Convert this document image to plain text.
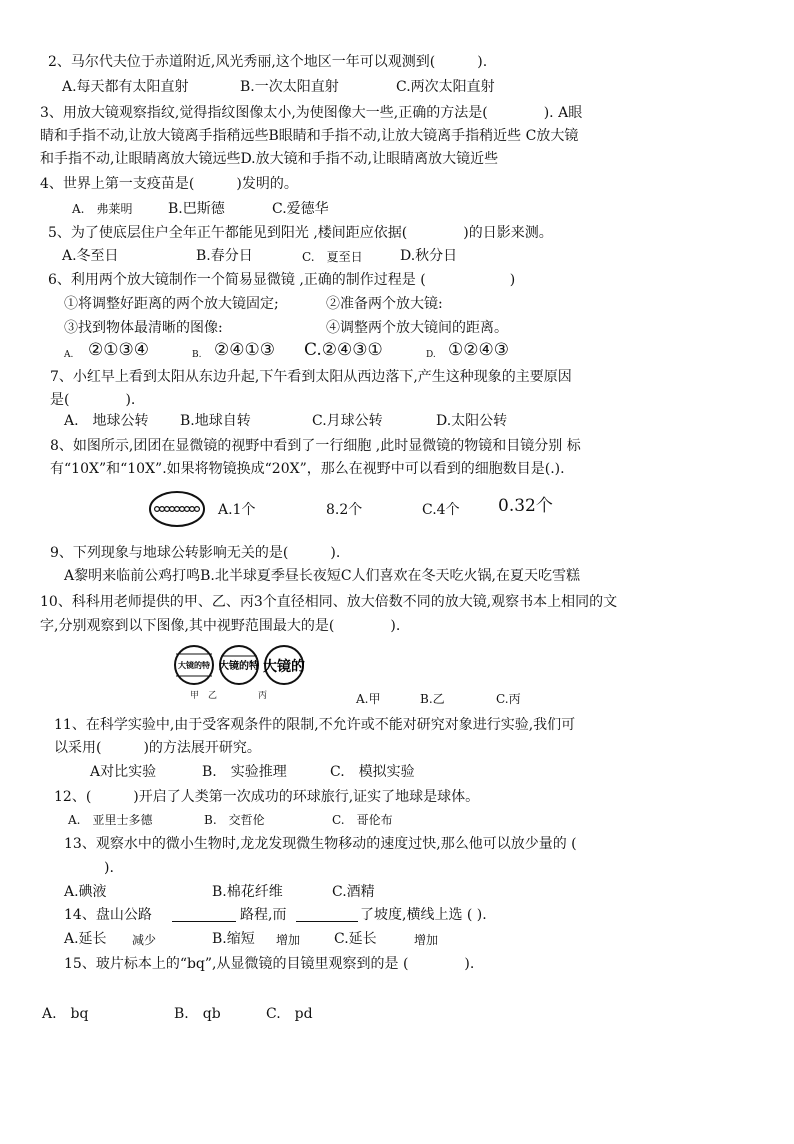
2、马尔代夫位于赤道附近,风光秀丽,这个地区一年可以观测到(　　　).
A.每天都有太阳直射	B.一次太阳直射	C.两次太阳直射
3、用放大镜观察指纹,觉得指纹图像太小,为使图像大一些,正确的方法是(　　　　). A眼
睛和手指不动,让放大镜离手指稍远些B眼睛和手指不动,让放大镜离手指稍近些 C放大镜
和手指不动,让眼睛离放大镜远些D.放大镜和手指不动,让眼睛离放大镜近些
4、世界上第一支疫苗是(　　　)发明的。
A.　弗莱明	B.巴斯德	C.爱德华
5、为了使底层住户全年正午都能见到阳光 ,楼间距应依据(　　　　)的日影来测。
A.冬至日	B.春分日	C.　夏至日	D.秋分日
6、利用两个放大镜制作一个简易显微镜 ,正确的制作过程是 (　　　　　　)
①将调整好距离的两个放大镜固定;	②准备两个放大镜:
③找到物体最清晰的图像:	④调整两个放大镜间的距离。
A. ②①③④	B. ②④①③ C.②④③①	D. ①②④③
7、小红早上看到太阳从东边升起,下午看到太阳从西边落下,产生这种现象的主要原因
是(　　　　).
A.　地球公转 B.地球自转	C.月球公转	D.太阳公转
8、如图所示,团团在显微镜的视野中看到了一行细胞 ,此时显微镜的物镜和目镜分别 标
有“10X”和“10X”.如果将物镜换成“20X”，那么在视野中可以看到的细胞数目是(.).
A.1个	8.2个	C.4个 0.32个
9、下列现象与地球公转影响无关的是(　　　).
A黎明来临前公鸡打鸣B.北半球夏季昼长夜短C人们喜欢在冬天吃火锅,在夏天吃雪糕
10、科科用老师提供的甲、乙、丙3个直径相同、放大倍数不同的放大镜,观察书本上相同的文
字,分别观察到以下图像,其中视野范围最大的是(　　　　).
大镜的特 大镜的特 大镜的
甲　乙	丙	A.甲	B.乙	C.丙
11、在科学实验中,由于受客观条件的限制,不允许或不能对研究对象进行实验,我们可
以采用(　　　)的方法展开研究。
A对比实验	B.　实验推理	C.　模拟实验
12、(　　　)开启了人类第一次成功的环球旅行,证实了地球是球体。
A.　亚里士多德	B.　交哲伦	C.　哥伦布
13、观察水中的微小生物时,龙龙发现微生物移动的速度过快,那么他可以放少量的 (
).
A.碘液	B.棉花纤维	C.酒精
14、盘山公路	路程,而	了坡度,横线上选 ( ).
A.延长 减少	B.缩短 增加 C.延长	增加
15、玻片标本上的“bq”,从显微镜的目镜里观察到的是 (　　　　).
A.　bq	B.　qb	C.　pd
